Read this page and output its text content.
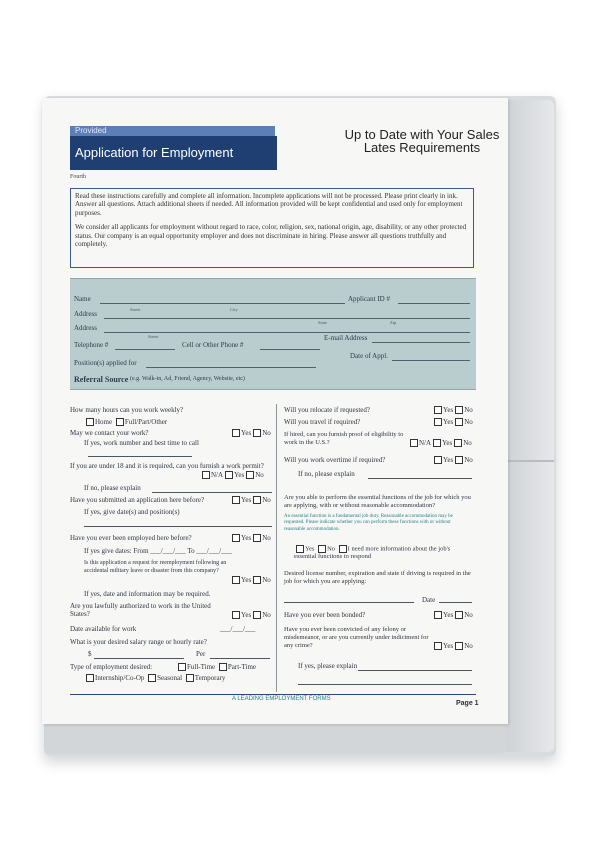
Provided
Application for Employment
Up to Date with Your Sales Lates Requirements
Fourth

Read these instructions carefully and complete all information. Incomplete applications will not be processed. Please print clearly in ink. Answer all questions. Attach additional sheets if needed. All information provided will be kept confidential and used only for employment purposes.

We consider all applicants for employment without regard to race, color, religion, sex, national origin, age, disability, or any other protected status. Our company is an equal opportunity employer and does not discriminate in hiring. Please answer all questions truthfully and completely.

Name	Applicant ID #
Address
Street	City
State	Zip
Address
Street
Telephone #	Cell or Other Phone #
E-mail Address
Position(s) applied for
Date of Appl.
Referral Source (e.g. Walk-in, Ad, Friend, Agency, Website, etc)
How many hours can you work weekly?
Home Full/Part/Other
May we contact your work?	Yes No
If yes, work number and best time to call
If you are under 18 and it is required, can you furnish a work permit?
N/A Yes No
If no, please explain
Have you submitted an application here before?	Yes No
If yes, give date(s) and position(s)
Have you ever been employed here before?	Yes No
If yes give dates: From ___/___/___ To ___/___/___
Is this application a request for reemployment following an accidental military leave or disaster from this company?
Yes No
If yes, date and information may be required.
Are you lawfully authorized to work in the United States?	Yes No
Date available for work	___/___/___
What is your desired salary range or hourly rate?
$	Per
Type of employment desired:	Full-Time Part-Time
Internship/Co-Op Seasonal Temporary
Will you relocate if requested?	Yes No
Will you travel if required?	Yes No
If hired, can you furnish proof of eligibility to work in the U.S.?	N/A Yes No
Will you work overtime if required?	Yes No
If no, please explain
Are you able to perform the essential functions of the job for which you are applying, with or without reasonable accommodation?
An essential function is a fundamental job duty. Reasonable accommodation may be requested. Please indicate whether you can perform these functions with or without reasonable accommodation.
Yes No I need more information about the job's essential functions to respond
Desired license number, expiration and state if driving is required in the job for which you are applying:
Date
Have you ever been bonded?	Yes No
Have you ever been convicted of any felony or misdemeanor, or are you currently under indictment for any crime?	Yes No
If yes, please explain
A LEADING EMPLOYMENT FORMS
Page 1
